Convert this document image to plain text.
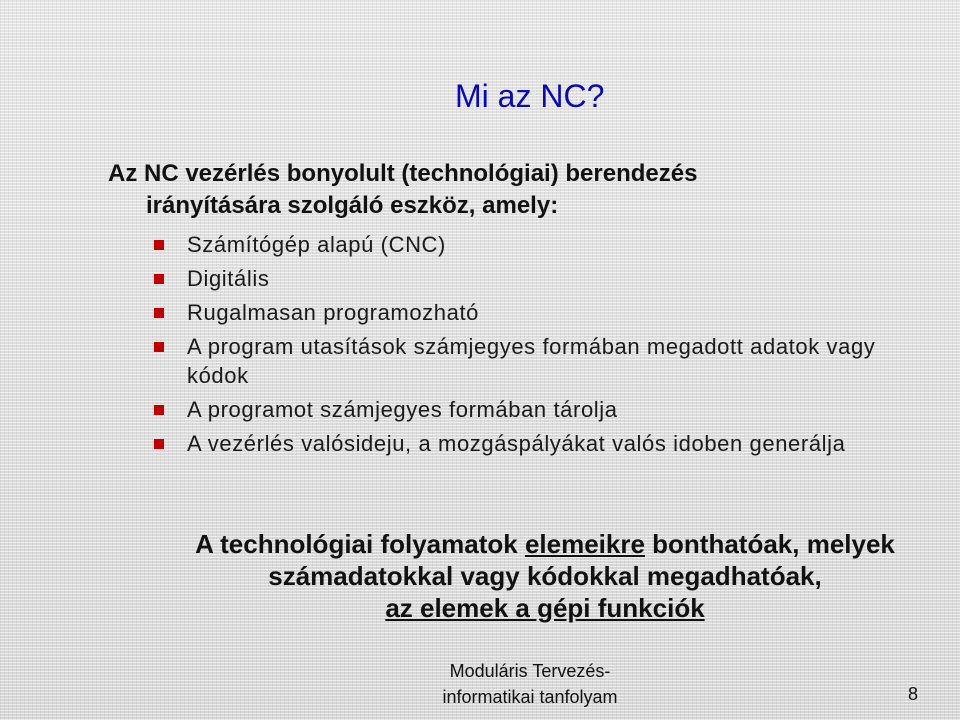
Mi az NC?
Az NC vezérlés bonyolult (technológiai) berendezés
irányítására szolgáló eszköz, amely:
Számítógép alapú (CNC)
Digitális
Rugalmasan programozható
A program utasítások számjegyes formában megadott adatok vagy kódok
A programot számjegyes formában tárolja
A vezérlés valósideju, a mozgáspályákat valós idoben generálja
A technológiai folyamatok elemeikre bonthatóak, melyek számadatokkal vagy kódokkal megadhatóak,
az elemek a gépi funkciók
Moduláris Tervezés-
informatikai tanfolyam	8
